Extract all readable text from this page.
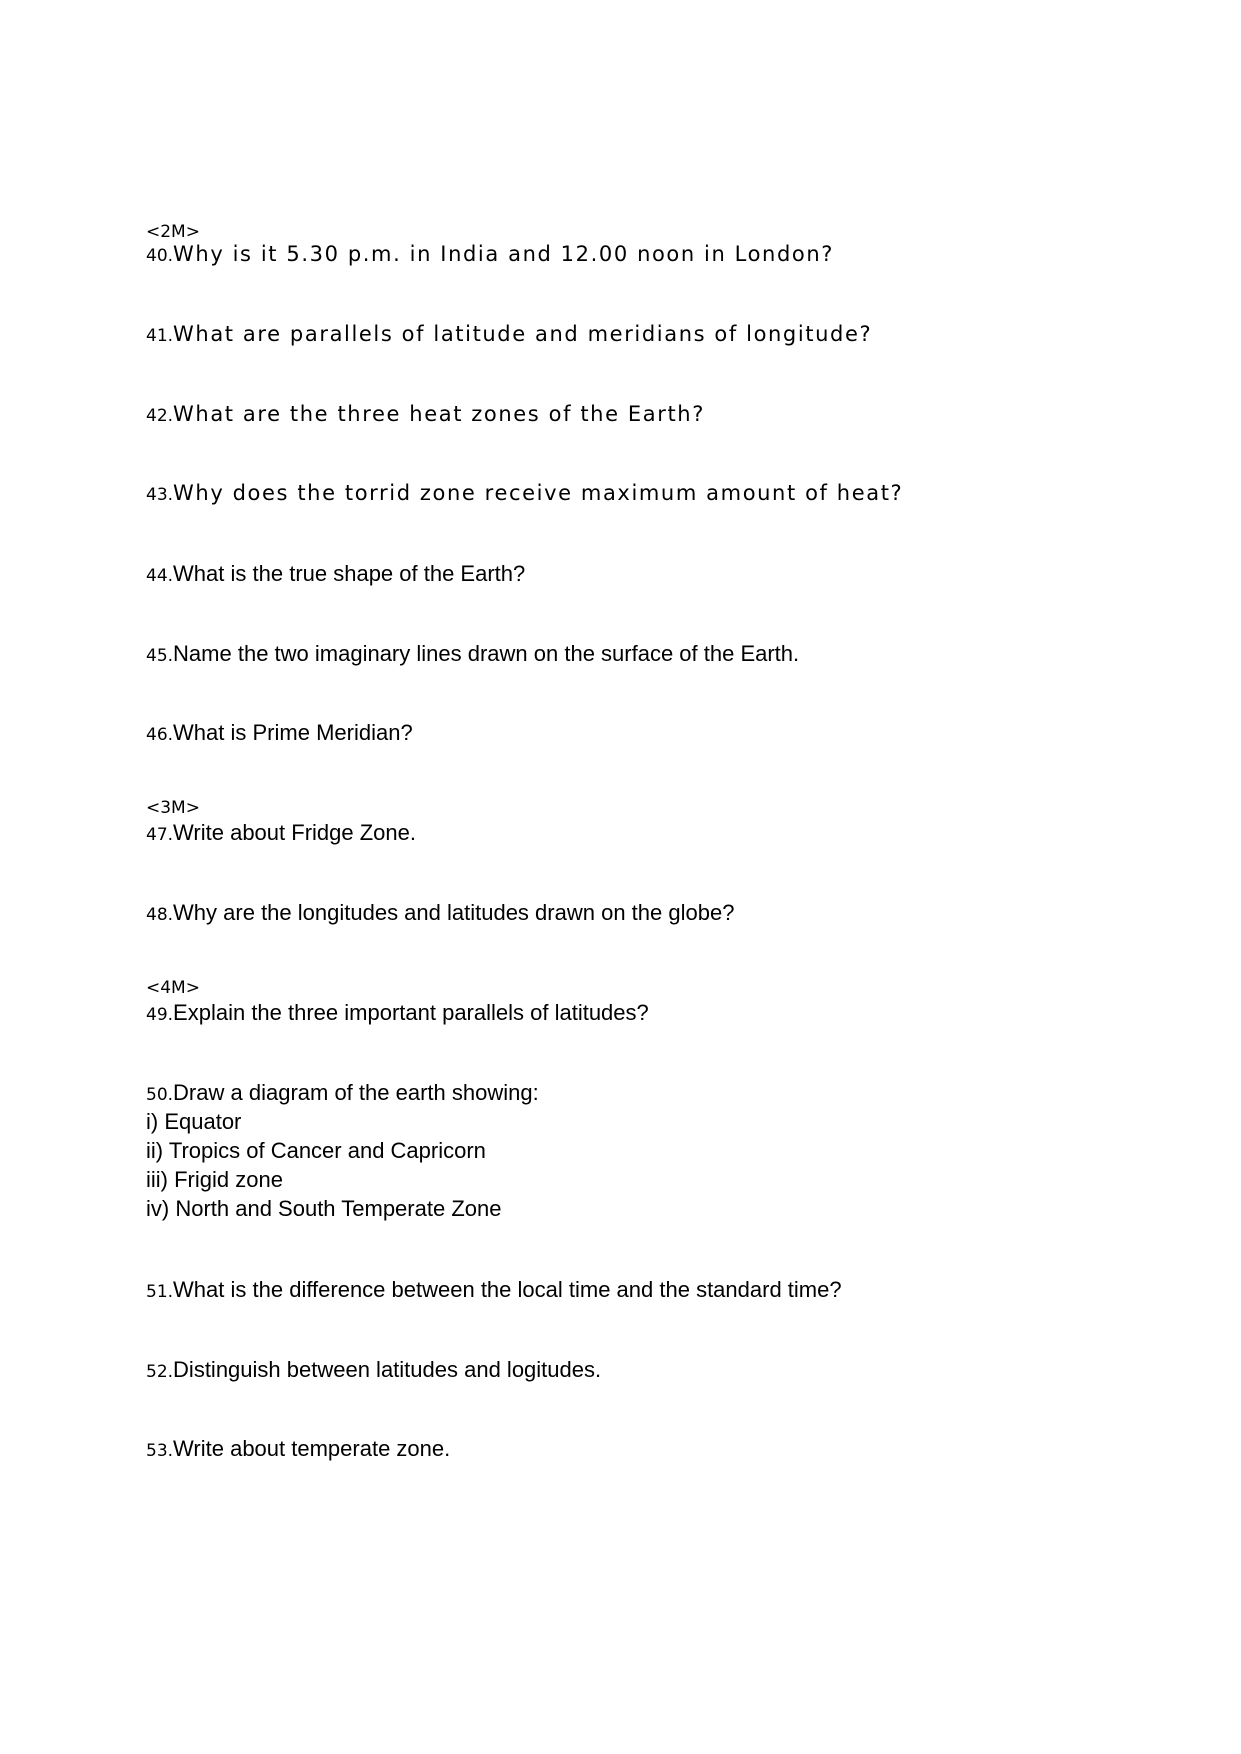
<2M>
40.Why is it 5.30 p.m. in India and 12.00 noon in London?
41.What are parallels of latitude and meridians of longitude?
42.What are the three heat zones of the Earth?
43.Why does the torrid zone receive maximum amount of heat?
44.What is the true shape of the Earth?
45.Name the two imaginary lines drawn on the surface of the Earth.
46.What is Prime Meridian?
<3M>
47.Write about Fridge Zone.
48.Why are the longitudes and latitudes drawn on the globe?
<4M>
49.Explain the three important parallels of latitudes?
50.Draw a diagram of the earth showing:
i) Equator
ii) Tropics of Cancer and Capricorn
iii) Frigid zone
iv) North and South Temperate Zone
51.What is the difference between the local time and the standard time?
52.Distinguish between latitudes and logitudes.
53.Write about temperate zone.
